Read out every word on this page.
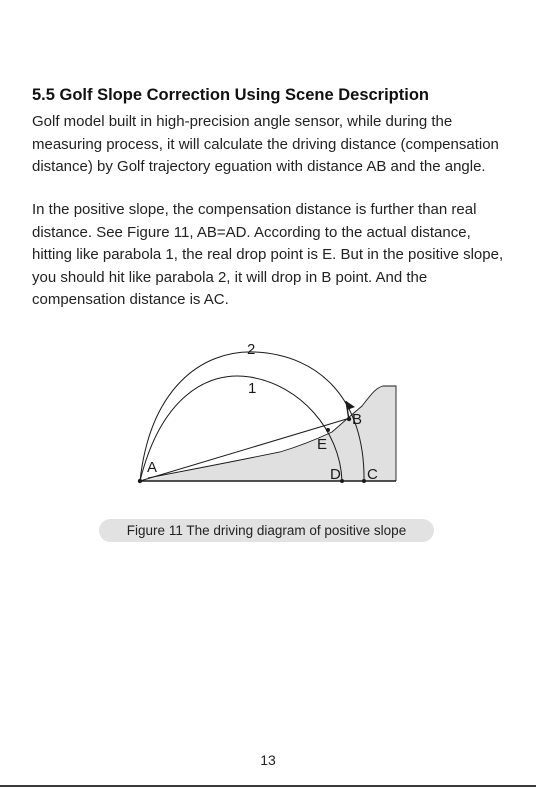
5.5 Golf Slope Correction Using Scene Description

Golf model built in high-precision angle sensor, while during the measuring process, it will calculate the driving distance (compensation distance) by Golf trajectory eguation with distance AB and the angle.

In the positive slope, the compensation distance is further than real distance. See Figure 11, AB=AD. According to the actual distance, hitting like parabola 1, the real drop point is E. But in the positive slope, you should hit like parabola 2, it will drop in B point. And the compensation distance is AC.

2
1
A
B
E
D C
Figure 11 The driving diagram of positive slope
13
